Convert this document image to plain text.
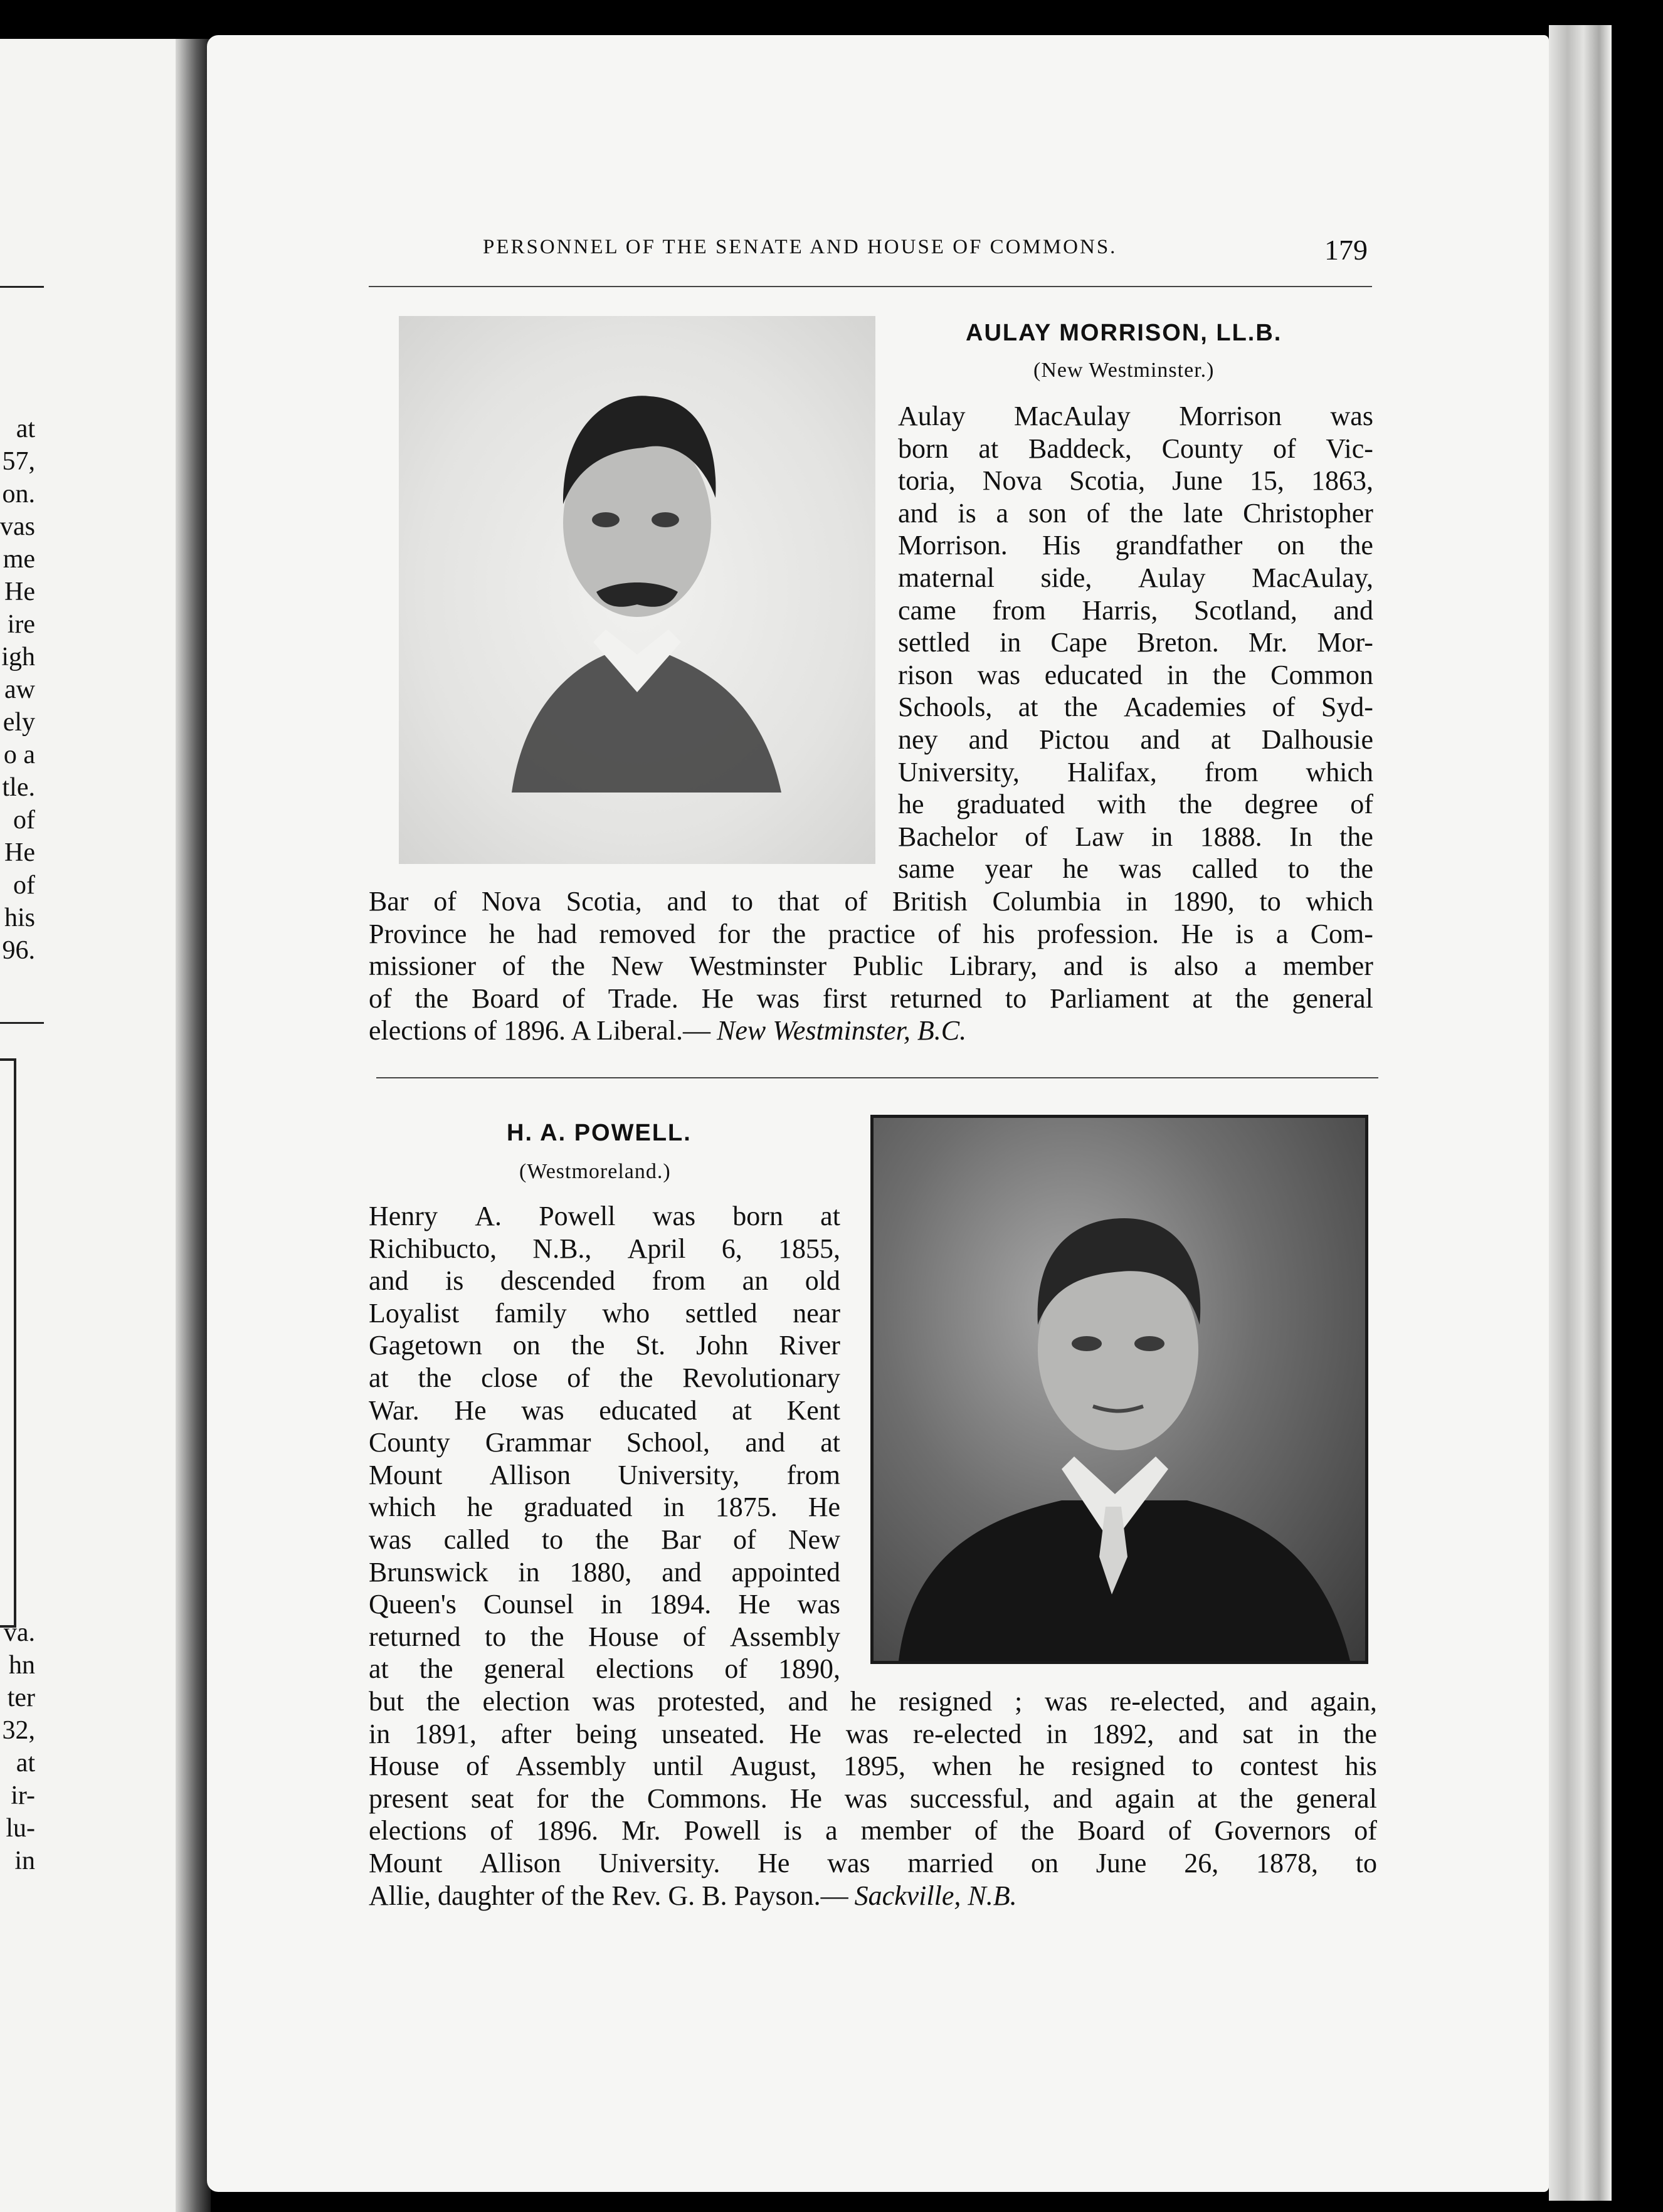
at
57,
on.
vas
me
He
ire
igh
aw
ely
o a
tle.
of
He
of
his
96.
va.
hn
ter
32,
at
ir-
lu-
in
PERSONNEL OF THE SENATE AND HOUSE OF COMMONS.	179
AULAY MORRISON, LL.B.
(New Westminster.)
Aulay MacAulay Morrison was
born at Baddeck, County of Vic-
toria, Nova Scotia, June 15, 1863,
and is a son of the late Christopher
Morrison. His grandfather on the
maternal side, Aulay MacAulay,
came from Harris, Scotland, and
settled in Cape Breton. Mr. Mor-
rison was educated in the Common
Schools, at the Academies of Syd-
ney and Pictou and at Dalhousie
University, Halifax, from which
he graduated with the degree of
Bachelor of Law in 1888. In the
same year he was called to the
Bar of Nova Scotia, and to that of British Columbia in 1890, to which
Province he had removed for the practice of his profession. He is a Com-
missioner of the New Westminster Public Library, and is also a member
of the Board of Trade. He was first returned to Parliament at the general
elections of 1896. A Liberal.— New Westminster, B.C.
H. A. POWELL.
(Westmoreland.)
Henry A. Powell was born at
Richibucto, N.B., April 6, 1855,
and is descended from an old
Loyalist family who settled near
Gagetown on the St. John River
at the close of the Revolutionary
War. He was educated at Kent
County Grammar School, and at
Mount Allison University, from
which he graduated in 1875. He
was called to the Bar of New
Brunswick in 1880, and appointed
Queen's Counsel in 1894. He was
returned to the House of Assembly
at the general elections of 1890,
but the election was protested, and he resigned ; was re-elected, and again,
in 1891, after being unseated. He was re-elected in 1892, and sat in the
House of Assembly until August, 1895, when he resigned to contest his
present seat for the Commons. He was successful, and again at the general
elections of 1896. Mr. Powell is a member of the Board of Governors of
Mount Allison University. He was married on June 26, 1878, to
Allie, daughter of the Rev. G. B. Payson.— Sackville, N.B.
